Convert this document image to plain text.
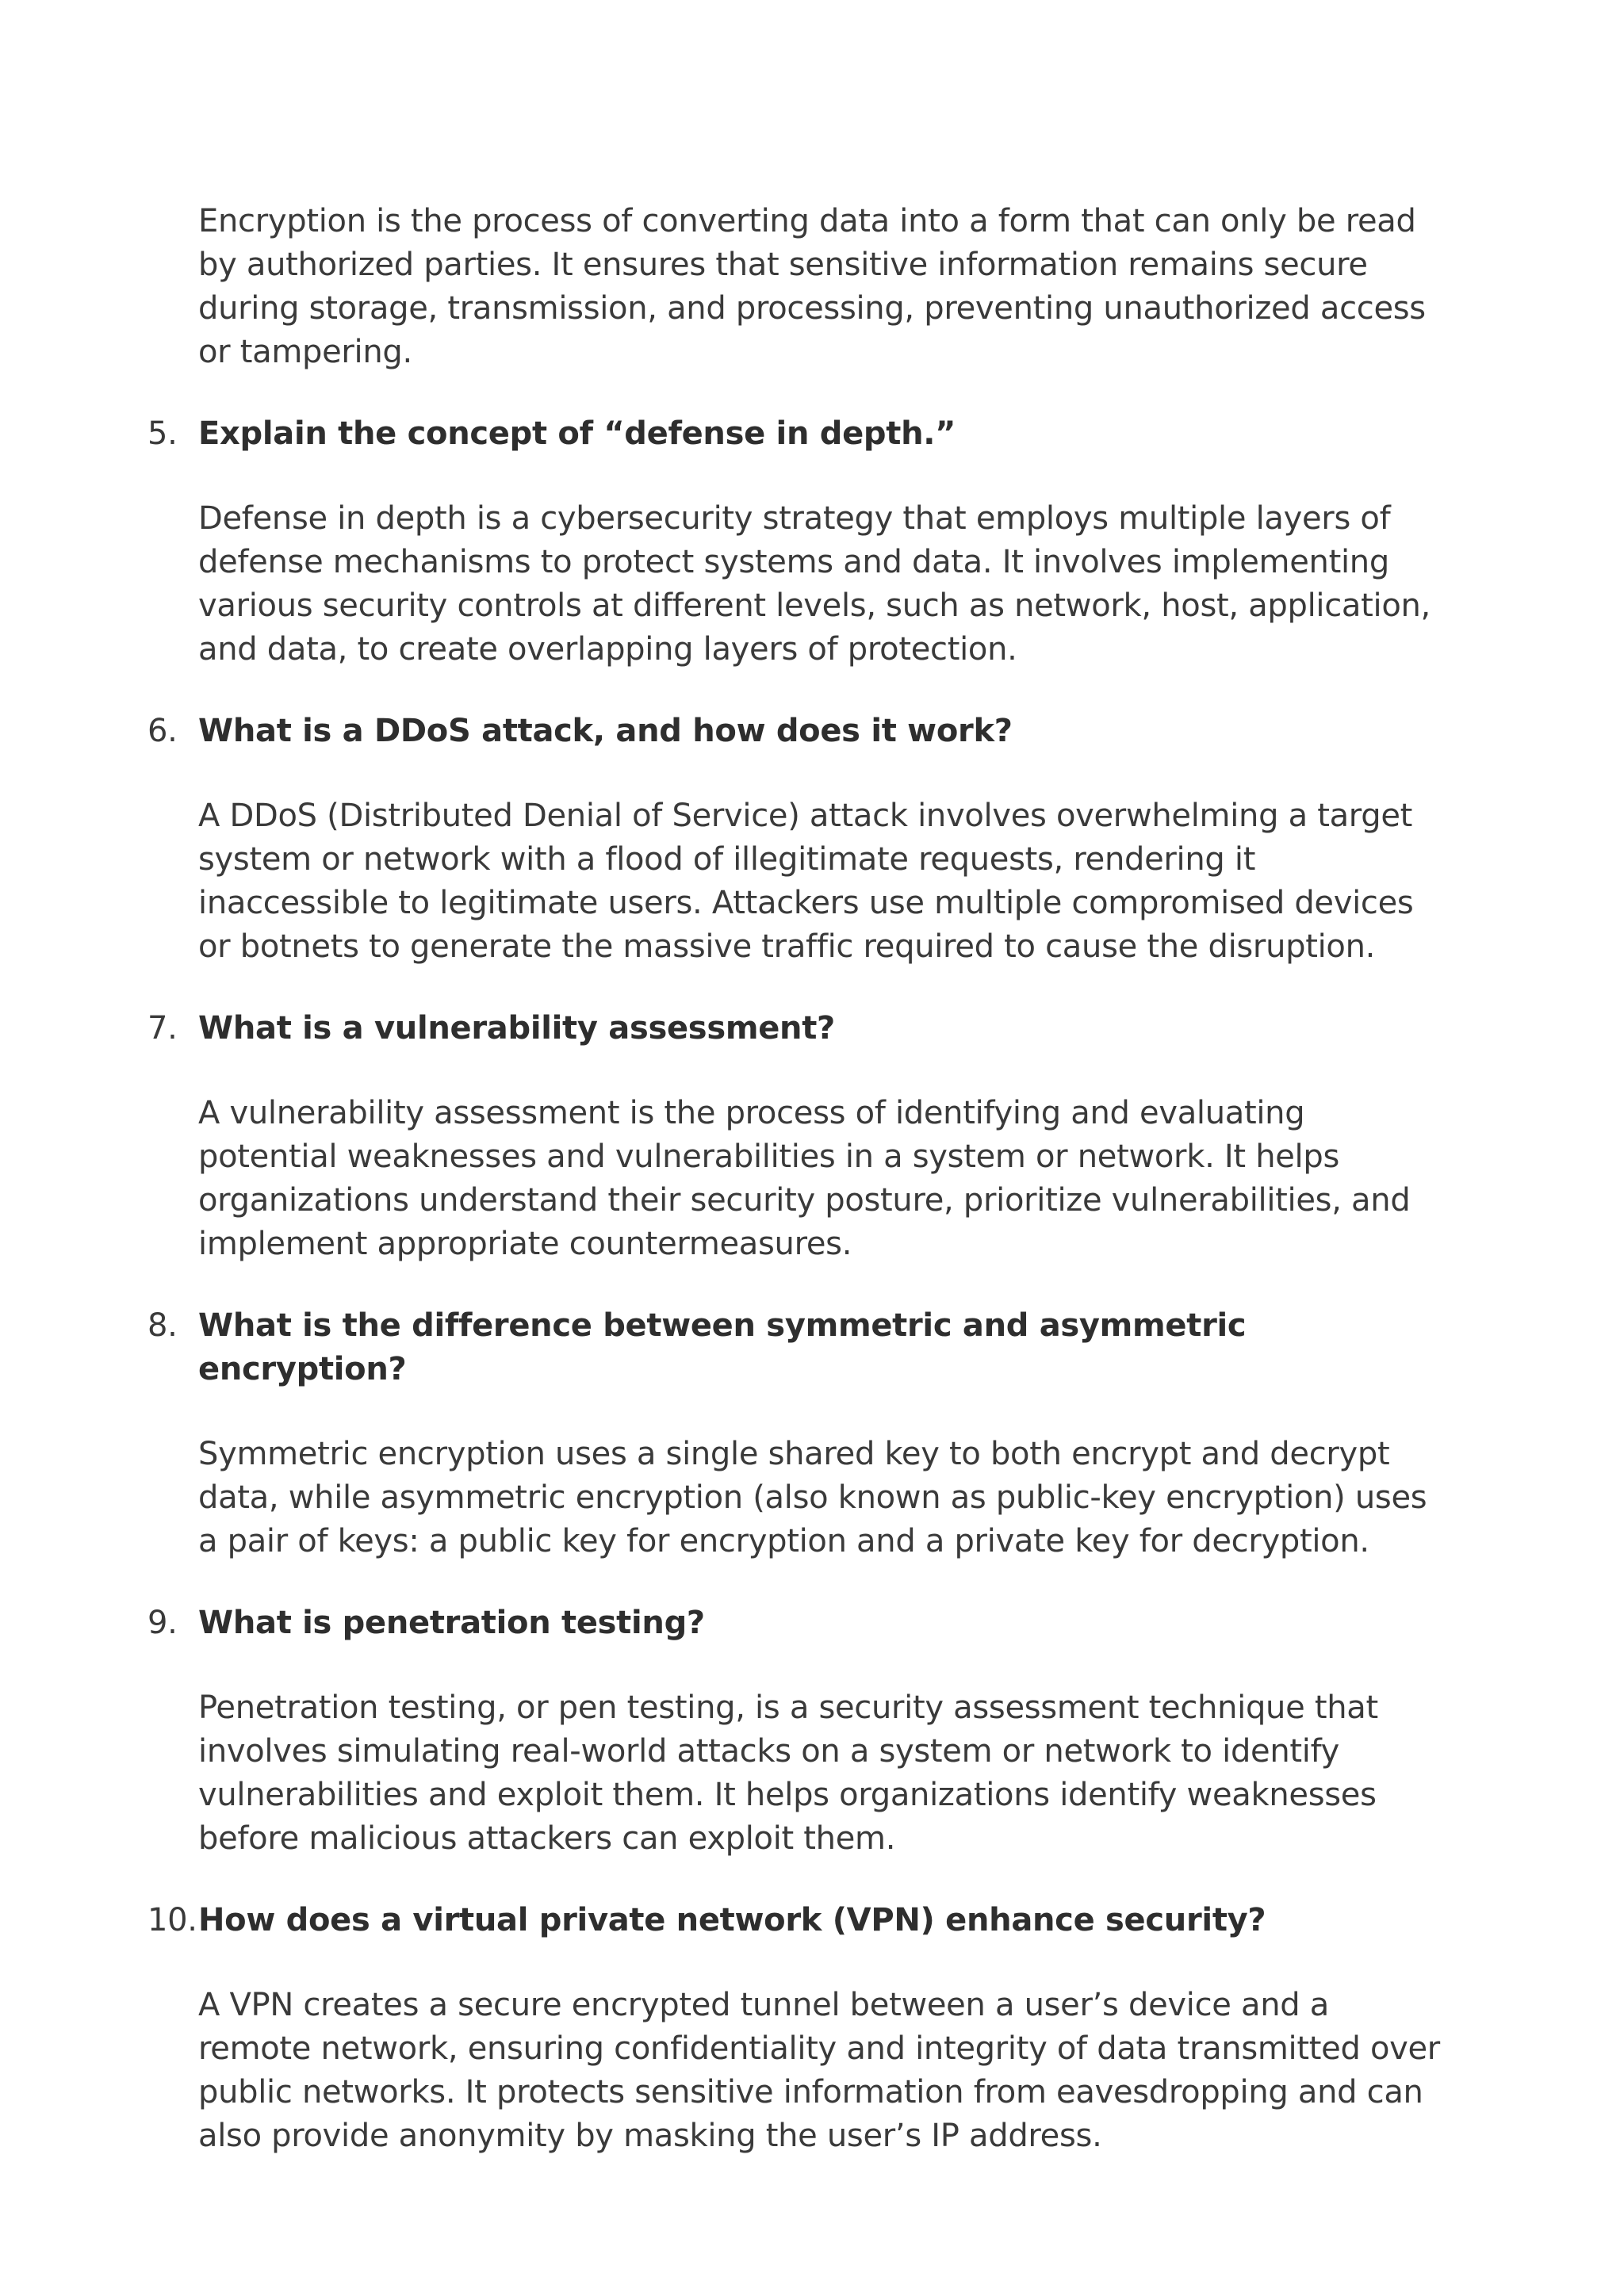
Encryption is the process of converting data into a form that can only be read by authorized parties. It ensures that sensitive information remains secure during storage, transmission, and processing, preventing unauthorized access or tampering.

5. Explain the concept of “defense in depth.”

Defense in depth is a cybersecurity strategy that employs multiple layers of defense mechanisms to protect systems and data. It involves implementing various security controls at different levels, such as network, host, application, and data, to create overlapping layers of protection.

6. What is a DDoS attack, and how does it work?

A DDoS (Distributed Denial of Service) attack involves overwhelming a target system or network with a flood of illegitimate requests, rendering it inaccessible to legitimate users. Attackers use multiple compromised devices or botnets to generate the massive traffic required to cause the disruption.

7. What is a vulnerability assessment?

A vulnerability assessment is the process of identifying and evaluating potential weaknesses and vulnerabilities in a system or network. It helps organizations understand their security posture, prioritize vulnerabilities, and implement appropriate countermeasures.

8. What is the difference between symmetric and asymmetric encryption?

Symmetric encryption uses a single shared key to both encrypt and decrypt data, while asymmetric encryption (also known as public-key encryption) uses a pair of keys: a public key for encryption and a private key for decryption.

9. What is penetration testing?

Penetration testing, or pen testing, is a security assessment technique that involves simulating real-world attacks on a system or network to identify vulnerabilities and exploit them. It helps organizations identify weaknesses before malicious attackers can exploit them.

10. How does a virtual private network (VPN) enhance security?

A VPN creates a secure encrypted tunnel between a user’s device and a remote network, ensuring confidentiality and integrity of data transmitted over public networks. It protects sensitive information from eavesdropping and can also provide anonymity by masking the user’s IP address.
